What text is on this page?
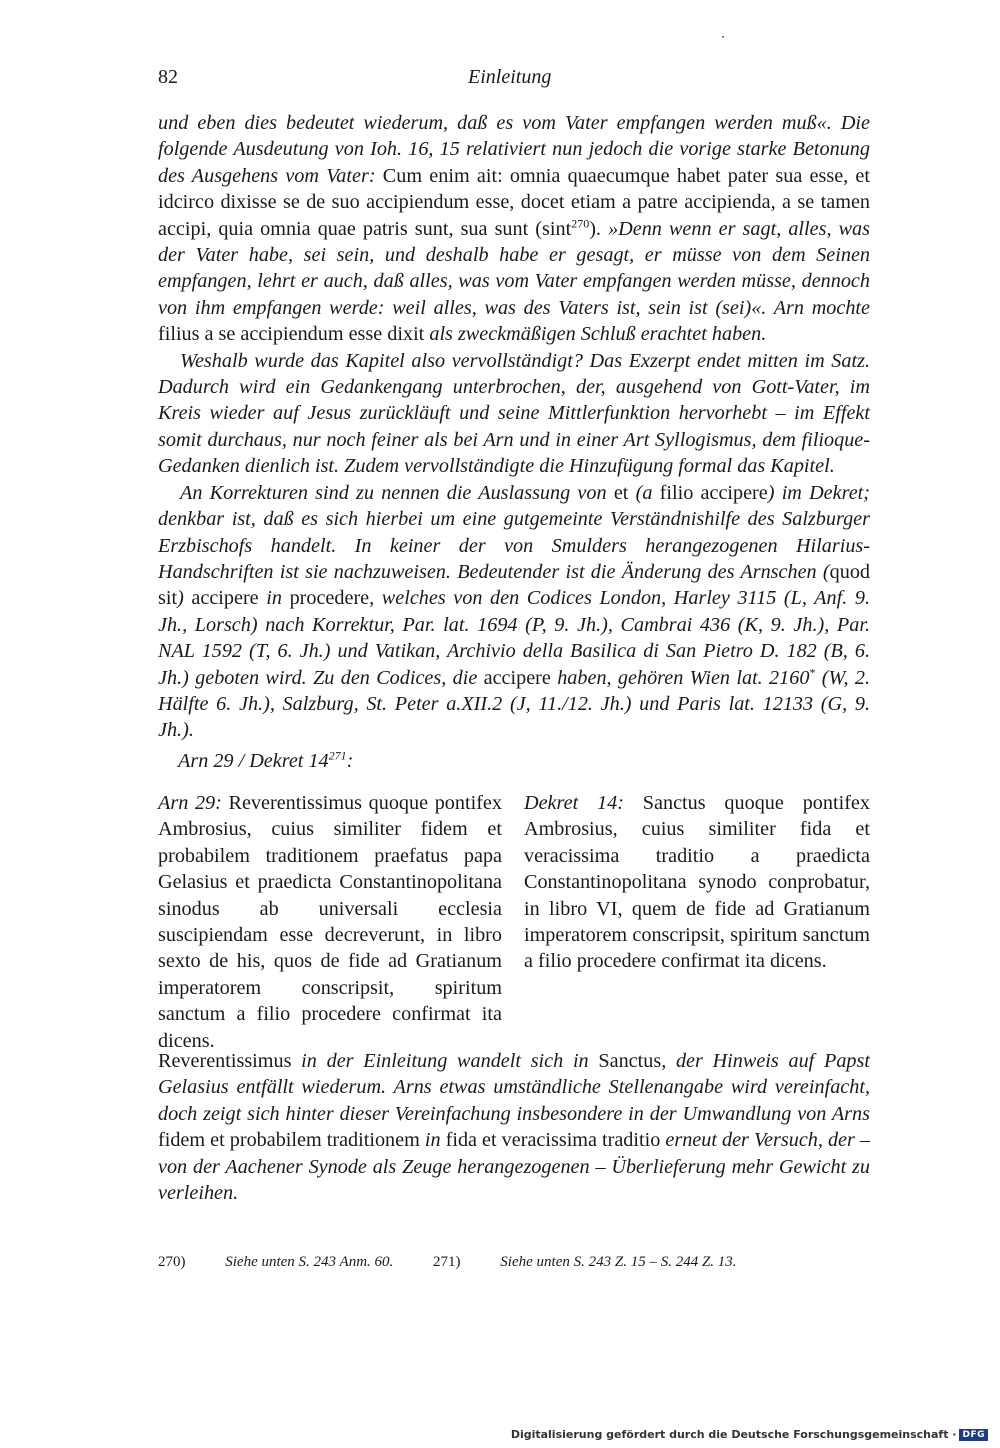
82	Einleitung

und eben dies bedeutet wiederum, daß es vom Vater empfangen werden muß«. Die folgende Ausdeutung von Ioh. 16, 15 relativiert nun jedoch die vorige starke Betonung des Ausgehens vom Vater: Cum enim ait: omnia quaecumque habet pater sua esse, et idcirco dixisse se de suo accipiendum esse, docet etiam a patre accipienda, a se tamen accipi, quia omnia quae patris sunt, sua sunt (sint$^{270}$). »Denn wenn er sagt, alles, was der Vater habe, sei sein, und deshalb habe er gesagt, er müsse von dem Seinen empfangen, lehrt er auch, daß alles, was vom Vater empfangen werden müsse, dennoch von ihm empfangen werde: weil alles, was des Vaters ist, sein ist (sei)«. Arn mochte filius a se accipiendum esse dixit als zweckmäßigen Schluß erachtet haben.

Weshalb wurde das Kapitel also vervollständigt? Das Exzerpt endet mitten im Satz. Dadurch wird ein Gedankengang unterbrochen, der, ausgehend von Gott-Vater, im Kreis wieder auf Jesus zurückläuft und seine Mittlerfunktion hervorhebt – im Effekt somit durchaus, nur noch feiner als bei Arn und in einer Art Syllogismus, dem filioque-Gedanken dienlich ist. Zudem vervollständigte die Hinzufügung formal das Kapitel.

An Korrekturen sind zu nennen die Auslassung von et (a filio accipere) im Dekret; denkbar ist, daß es sich hierbei um eine gutgemeinte Verständnishilfe des Salzburger Erzbischofs handelt. In keiner der von Smulders herangezogenen Hilarius-Handschriften ist sie nachzuweisen. Bedeutender ist die Änderung des Arnschen (quod sit) accipere in procedere, welches von den Codices London, Harley 3115 (L, Anf. 9. Jh., Lorsch) nach Korrektur, Par. lat. 1694 (P, 9. Jh.), Cambrai 436 (K, 9. Jh.), Par. NAL 1592 (T, 6. Jh.) und Vatikan, Archivio della Basilica di San Pietro D. 182 (B, 6. Jh.) geboten wird. Zu den Codices, die accipere haben, gehören Wien lat. 2160* (W, 2. Hälfte 6. Jh.), Salzburg, St. Peter a.XII.2 (J, 11./12. Jh.) und Paris lat. 12133 (G, 9. Jh.).

Arn 29 / Dekret $14^{271}$:
Arn 29: Reverentissimus quoque pontifex Ambrosius, cuius similiter fidem et probabilem traditionem praefatus papa Gelasius et praedicta Constantinopolitana sinodus ab universali ecclesia suscipiendam esse decreverunt, in libro sexto de his, quos de fide ad Gratianum imperatorem conscripsit, spiritum sanctum a filio procedere confirmat ita dicens.
Dekret 14: Sanctus quoque pontifex Ambrosius, cuius similiter fida et veracissima traditio a praedicta Constantinopolitana synodo conprobatur, in libro VI, quem de fide ad Gratianum imperatorem conscripsit, spiritum sanctum a filio procedere confirmat ita dicens.

Reverentissimus in der Einleitung wandelt sich in Sanctus, der Hinweis auf Papst Gelasius entfällt wiederum. Arns etwas umständliche Stellenangabe wird vereinfacht, doch zeigt sich hinter dieser Vereinfachung insbesondere in der Umwandlung von Arns fidem et probabilem traditionem in fida et veracissima traditio erneut der Versuch, der – von der Aachener Synode als Zeuge herangezogenen – Überlieferung mehr Gewicht zu verleihen.

270) Siehe unten S. 243 Anm. 60.	271) Siehe unten S. 243 Z. 15 – S. 244 Z. 13.
Digitalisierung gefördert durch die Deutsche Forschungsgemeinschaft · DFG
